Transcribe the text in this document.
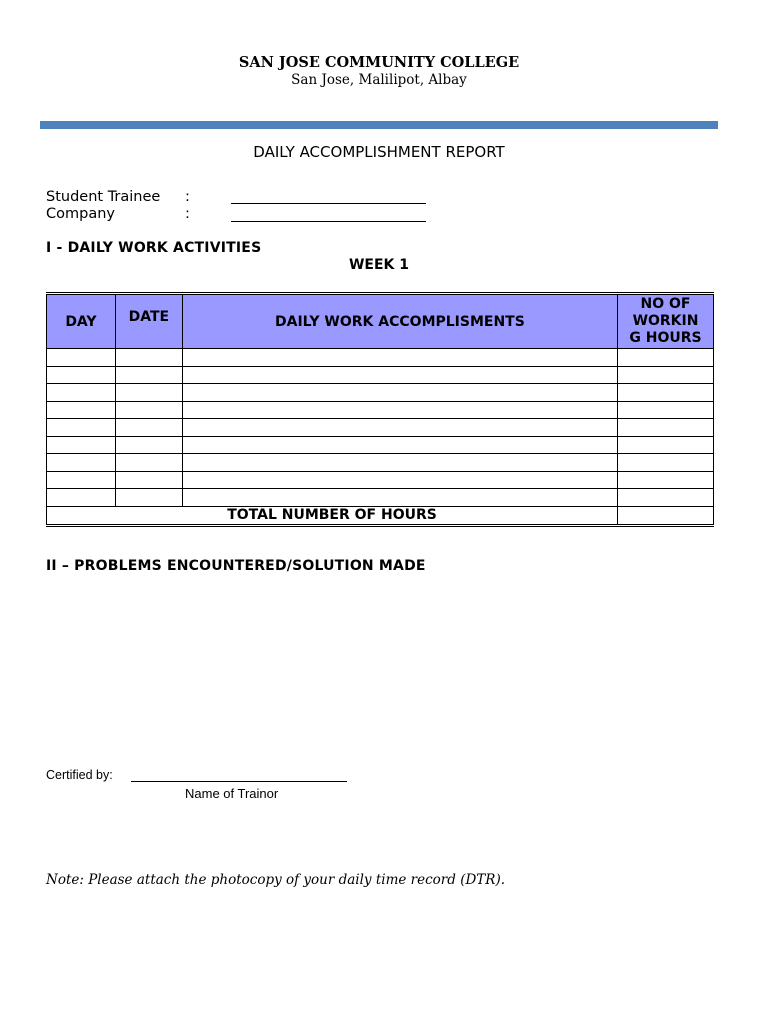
SAN JOSE COMMUNITY COLLEGE
San Jose, Malilipot, Albay
DAILY ACCOMPLISHMENT REPORT
Student Trainee :
Company	:
I - DAILY WORK ACTIVITIES
WEEK 1
DAY	DATE	DAILY WORK ACCOMPLISMENTS	NO OF
WORKIN
G HOURS

TOTAL NUMBER OF HOURS			
II – PROBLEMS ENCOUNTERED/SOLUTION MADE
Certified by:
Name of Trainor
Note: Please attach the photocopy of your daily time record (DTR).
